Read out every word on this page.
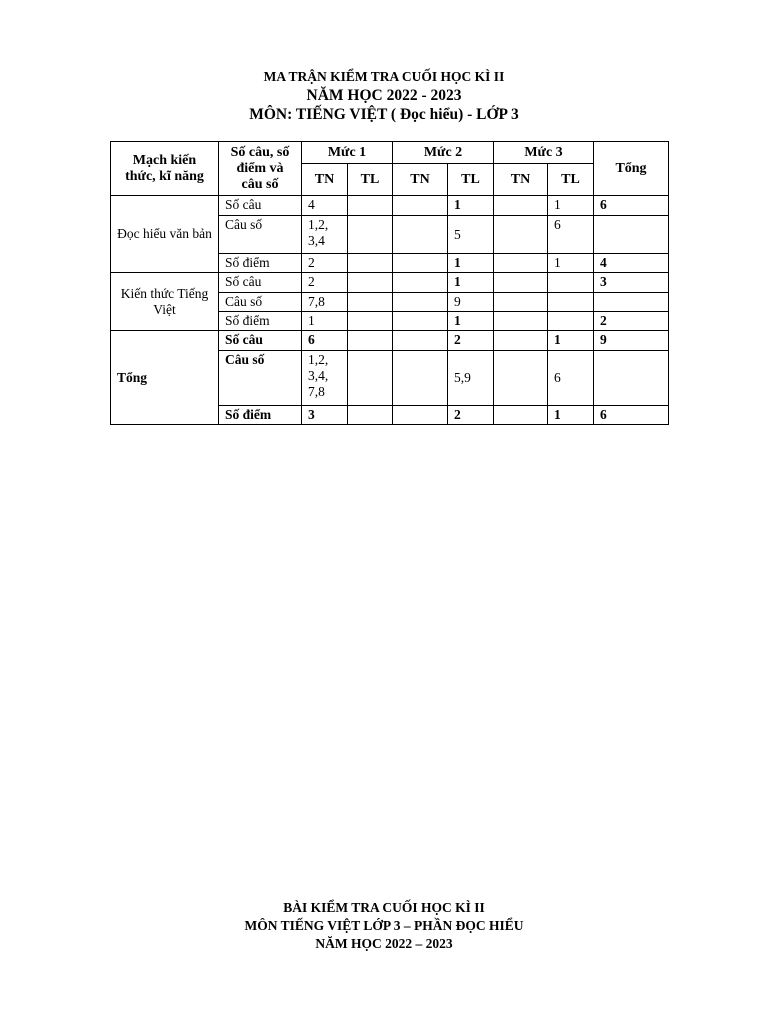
MA TRẬN KIỂM TRA CUỐI HỌC KÌ II
NĂM HỌC 2022 - 2023
MÔN: TIẾNG VIỆT ( Đọc hiểu) - LỚP 3
Mạch kiến thức, kĩ năng	Số câu, số điểm và câu số	Mức 1		Mức 2		Mức 3		Tổng
		TN	TL	TN	TL	TN	TL	
Đọc hiểu văn bản	Số câu	4			1		1	6
	Câu số	1,2, 3,4			5		6	
	Số điểm	2			1		1	4
Kiến thức Tiếng Việt	Số câu	2			1			3
	Câu số	7,8			9			
	Số điểm	1			1			2
Tổng	Số câu	6			2		1	9
	Câu số	1,2, 3,4, 7,8			5,9		6	
	Số điểm	3			2		1	6
BÀI KIỂM TRA CUỐI HỌC KÌ II
MÔN TIẾNG VIỆT LỚP 3 – PHẦN ĐỌC HIỂU
NĂM HỌC 2022 – 2023
